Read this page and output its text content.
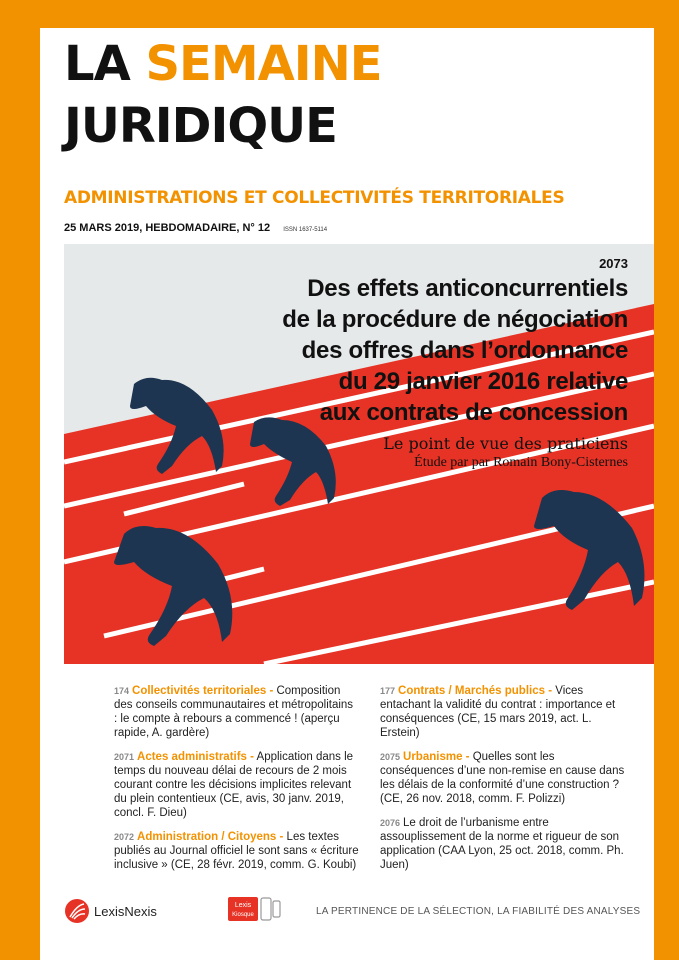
LA SEMAINE
JURIDIQUE
ADMINISTRATIONS ET COLLECTIVITÉS TERRITORIALES
25 MARS 2019, HEBDOMADAIRE, N° 12 ISSN 1637-5114
2073
Des effets anticoncurrentiels
de la procédure de négociation
des offres dans l’ordonnance
du 29 janvier 2016 relative
aux contrats de concession
Le point de vue des praticiens
Étude par par Romain Bony-Cisternes
174 Collectivités territoriales - Composition des conseils communautaires et métropolitains : le compte à rebours a commencé ! (aperçu rapide, A. gardère)
2071 Actes administratifs - Application dans le temps du nouveau délai de recours de 2 mois courant contre les décisions implicites relevant du plein contentieux (CE, avis, 30 janv. 2019, concl. F. Dieu)
2072 Administration / Citoyens - Les textes publiés au Journal officiel le sont sans « écriture inclusive » (CE, 28 févr. 2019, comm. G. Koubi)
177 Contrats / Marchés publics - Vices entachant la validité du contrat : importance et conséquences (CE, 15 mars 2019, act. L. Erstein)
2075 Urbanisme - Quelles sont les conséquences d’une non-remise en cause dans les délais de la conformité d’une construction ? (CE, 26 nov. 2018, comm. F. Polizzi)
2076 Le droit de l’urbanisme entre assouplissement de la norme et rigueur de son application (CAA Lyon, 25 oct. 2018, comm. Ph. Juen)
LexisNexis	Lexis
Kiosque	LA PERTINENCE DE LA SÉLECTION, LA FIABILITÉ DES ANALYSES
